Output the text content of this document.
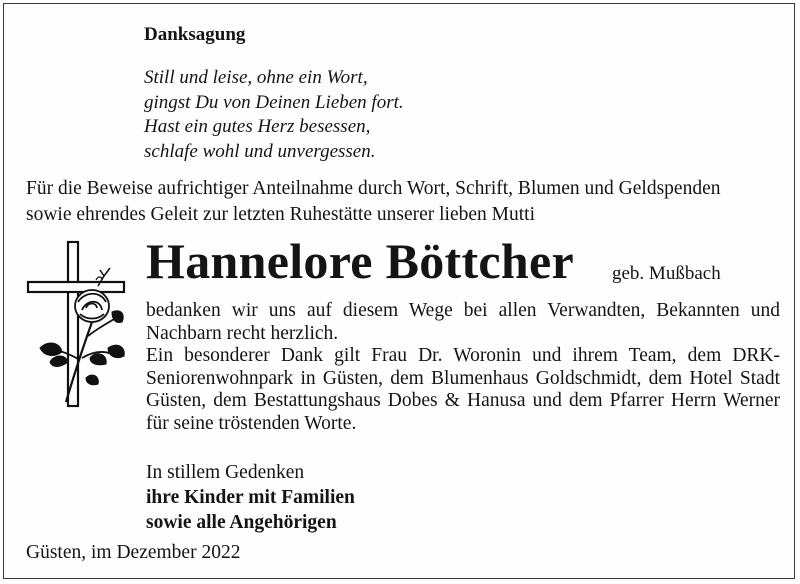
Danksagung
Still und leise, ohne ein Wort,
gingst Du von Deinen Lieben fort.
Hast ein gutes Herz besessen,
schlafe wohl und unvergessen.
Für die Beweise aufrichtiger Anteilnahme durch Wort, Schrift, Blumen und Geldspenden
sowie ehrendes Geleit zur letzten Ruhestätte unserer lieben Mutti
Hannelore Böttcher geb. Mußbach
bedanken wir uns auf diesem Wege bei allen Verwandten, Bekannten und Nachbarn recht herzlich.
Ein besonderer Dank gilt Frau Dr. Woronin und ihrem Team, dem DRK-Seniorenwohnpark in Güsten, dem Blumenhaus Goldschmidt, dem Hotel Stadt Güsten, dem Bestattungshaus Dobes & Hanusa und dem Pfarrer Herrn Werner für seine tröstenden Worte.
In stillem Gedenken
ihre Kinder mit Familien
sowie alle Angehörigen
Güsten, im Dezember 2022
